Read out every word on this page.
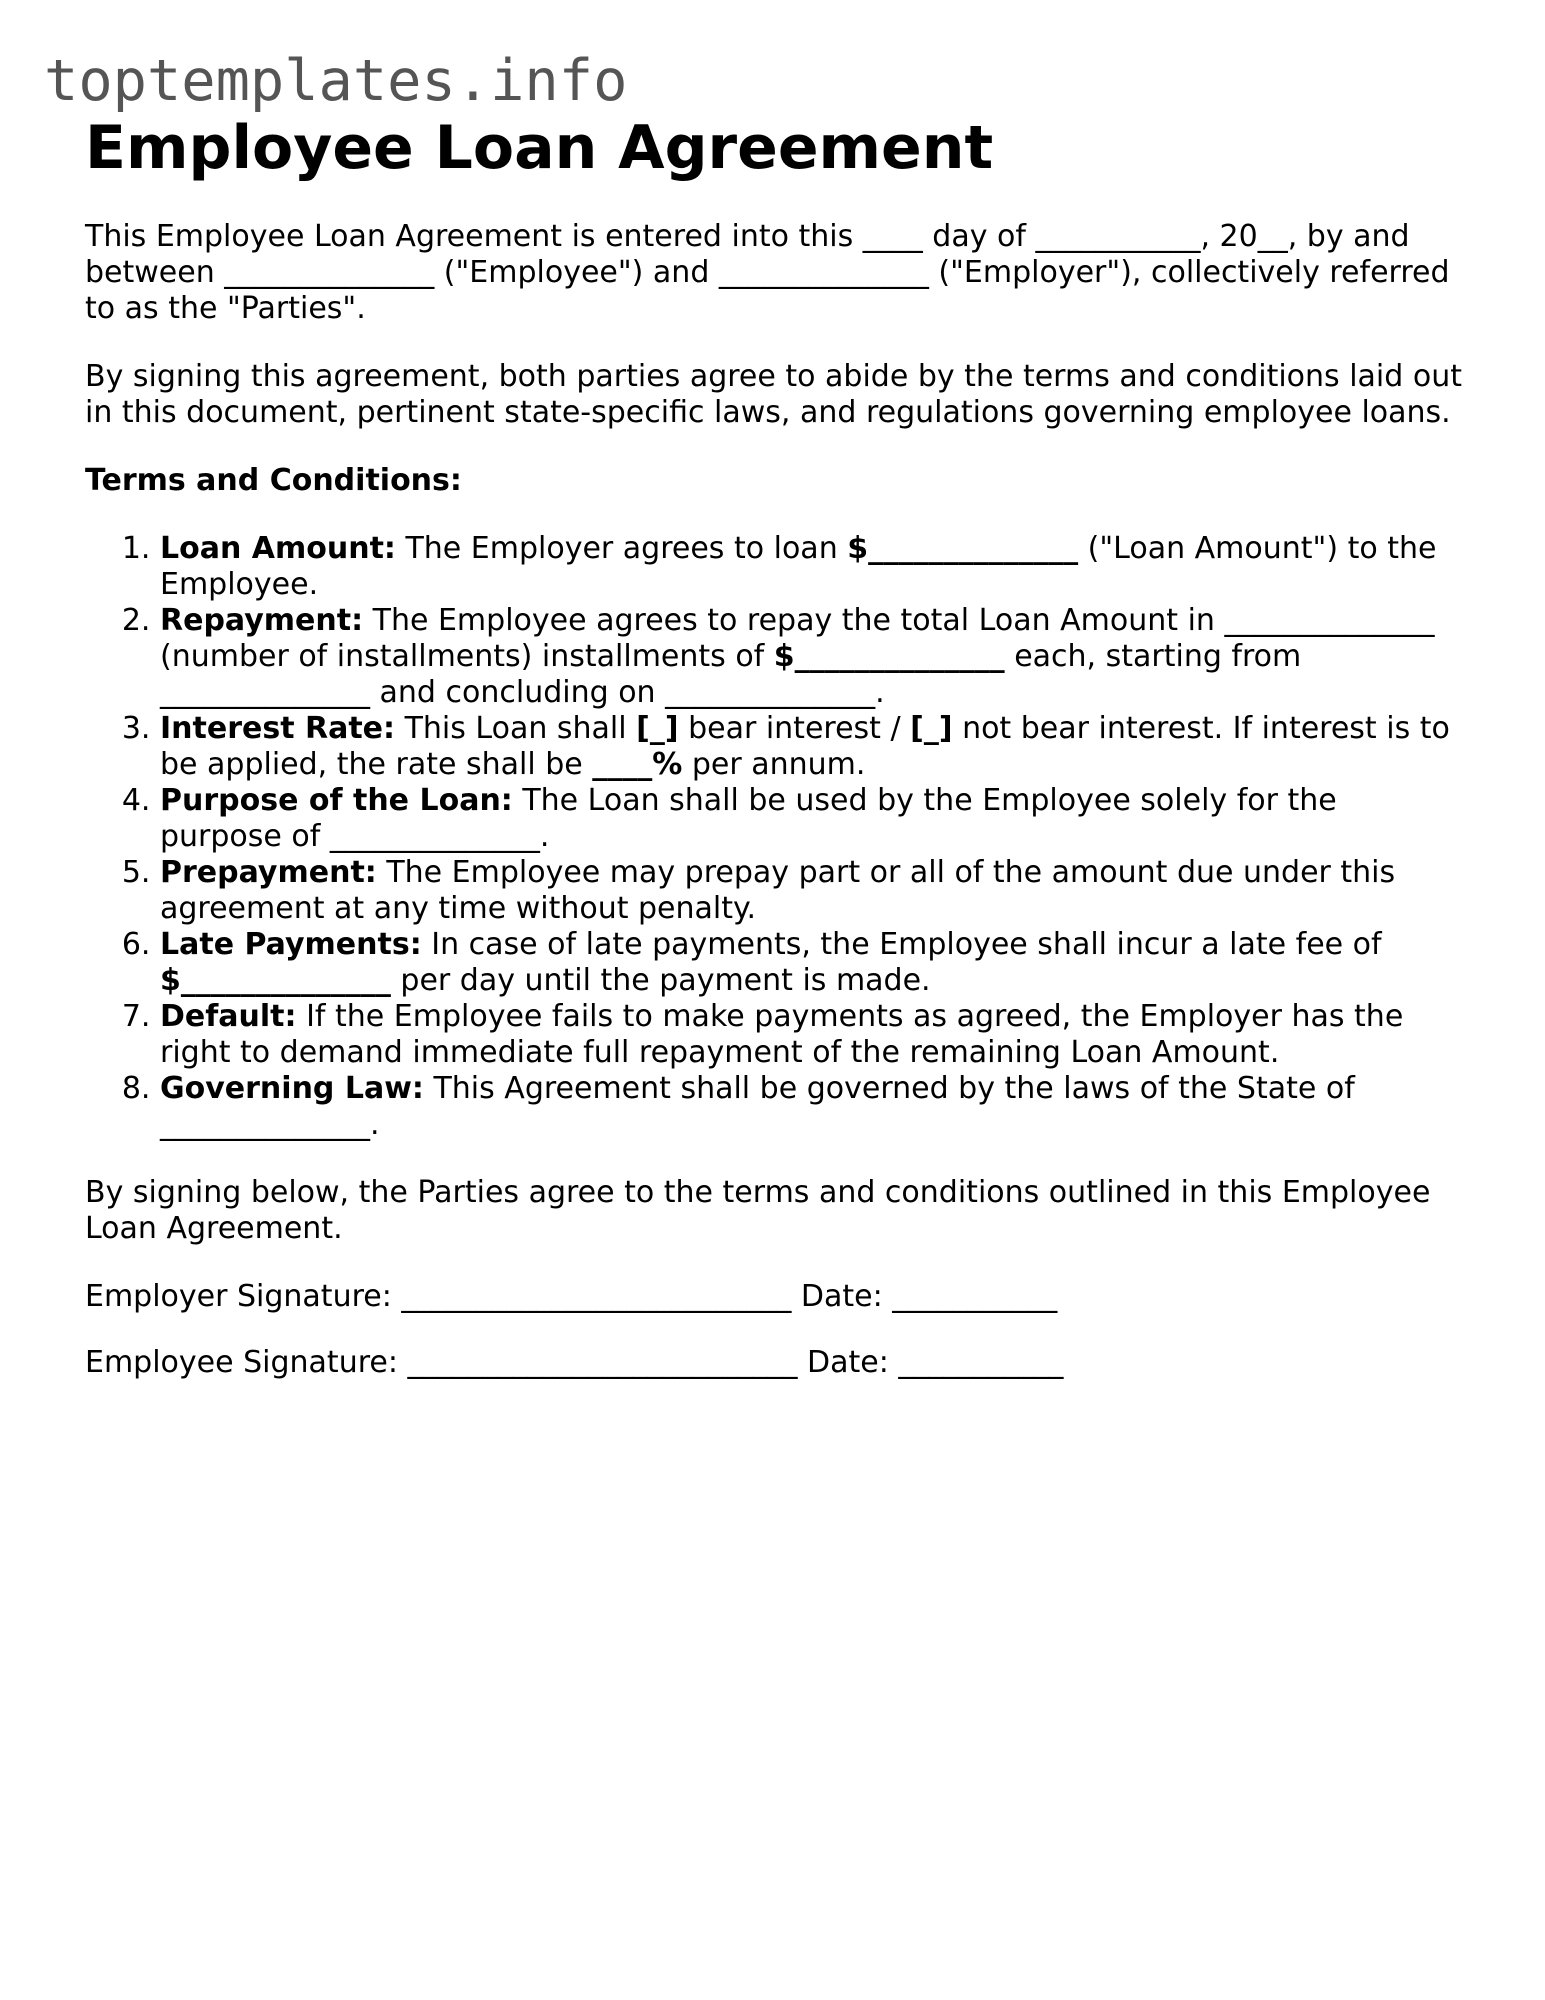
toptemplates.info
Employee Loan Agreement

This Employee Loan Agreement is entered into this ____ day of ___________, 20__, by and between ______________ ("Employee") and ______________ ("Employer"), collectively referred to as the "Parties".

By signing this agreement, both parties agree to abide by the terms and conditions laid out in this document, pertinent state-specific laws, and regulations governing employee loans.

Terms and Conditions:

1. Loan Amount: The Employer agrees to loan $______________ ("Loan Amount") to the Employee.
2. Repayment: The Employee agrees to repay the total Loan Amount in ______________ (number of installments) installments of $______________ each, starting from ______________ and concluding on ______________.
3. Interest Rate: This Loan shall [_] bear interest / [_] not bear interest. If interest is to be applied, the rate shall be ____% per annum.
4. Purpose of the Loan: The Loan shall be used by the Employee solely for the purpose of ______________.
5. Prepayment: The Employee may prepay part or all of the amount due under this agreement at any time without penalty.
6. Late Payments: In case of late payments, the Employee shall incur a late fee of $______________ per day until the payment is made.
7. Default: If the Employee fails to make payments as agreed, the Employer has the right to demand immediate full repayment of the remaining Loan Amount.
8. Governing Law: This Agreement shall be governed by the laws of the State of ______________.

By signing below, the Parties agree to the terms and conditions outlined in this Employee Loan Agreement.

Employer Signature: __________________________ Date: ___________

Employee Signature: __________________________ Date: ___________
